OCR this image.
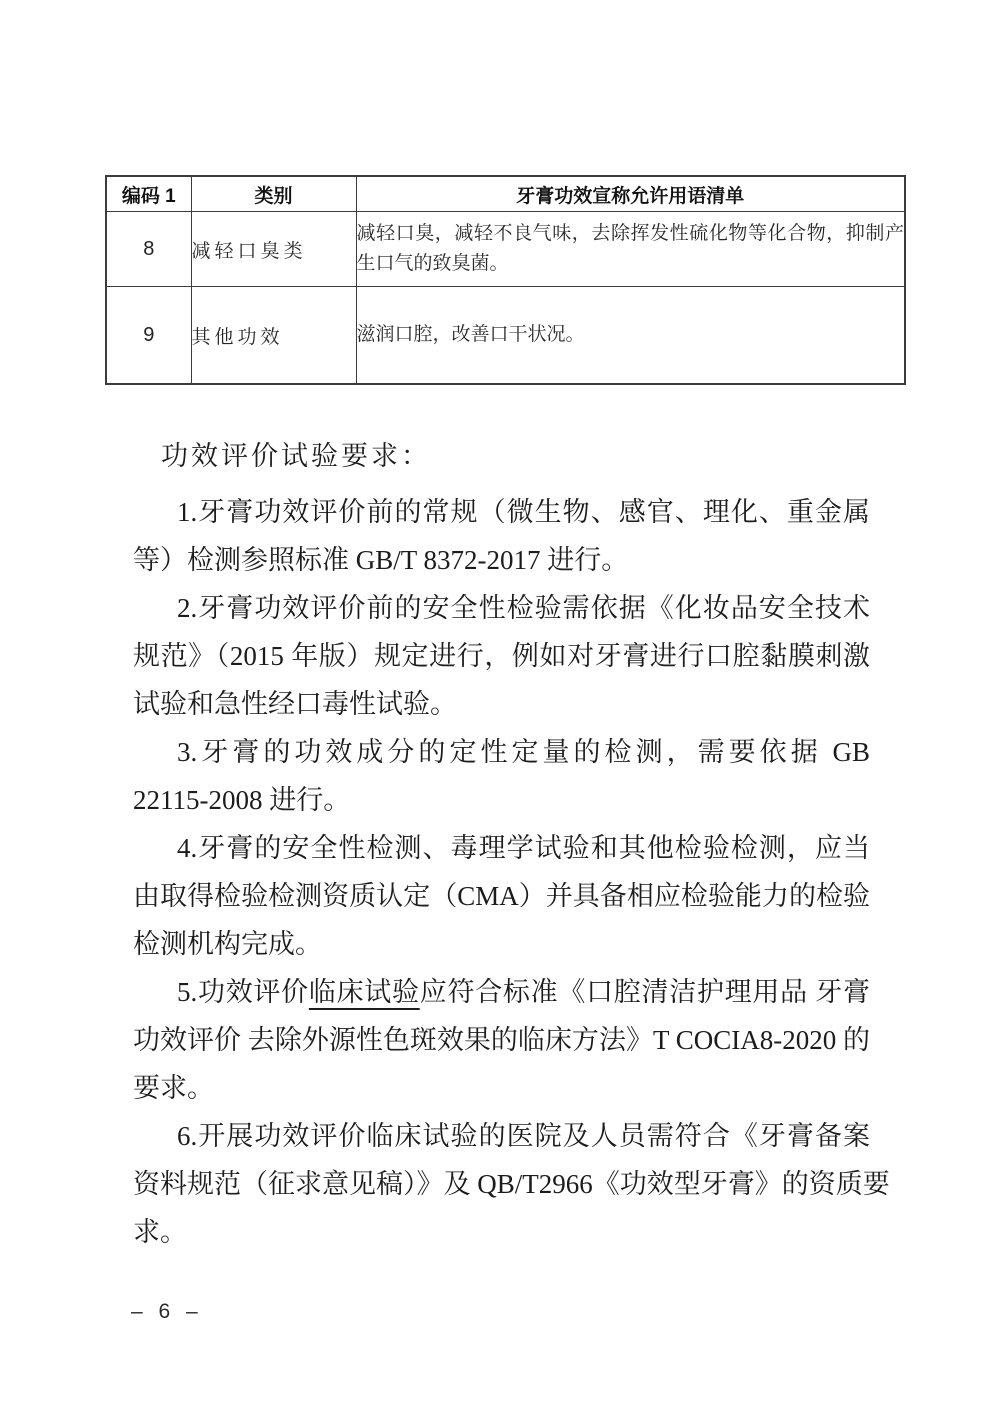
编码 1	类别	牙膏功效宣称允许用语清单
8	减轻口臭类	减轻口臭，减轻不良气味，去除挥发性硫化物等化合物，抑制产生口气的致臭菌。
9	其他功效	滋润口腔，改善口干状况。
功效评价试验要求：
1.牙膏功效评价前的常规（微生物、感官、理化、重金属
等）检测参照标准 GB/T 8372-2017 进行。
2.牙膏功效评价前的安全性检验需依据《化妆品安全技术
规范》（2015 年版）规定进行，例如对牙膏进行口腔黏膜刺激
试验和急性经口毒性试验。
3.牙膏的功效成分的定性定量的检测，需要依据 GB
22115-2008 进行。
4.牙膏的安全性检测、毒理学试验和其他检验检测，应当
由取得检验检测资质认定（CMA）并具备相应检验能力的检验
检测机构完成。
5.功效评价临床试验应符合标准《口腔清洁护理用品 牙膏
功效评价 去除外源性色斑效果的临床方法》T COCIA8-2020 的
要求。
6.开展功效评价临床试验的医院及人员需符合《牙膏备案
资料规范（征求意见稿）》及 QB/T2966《功效型牙膏》的资质要
求。
– 6 –
